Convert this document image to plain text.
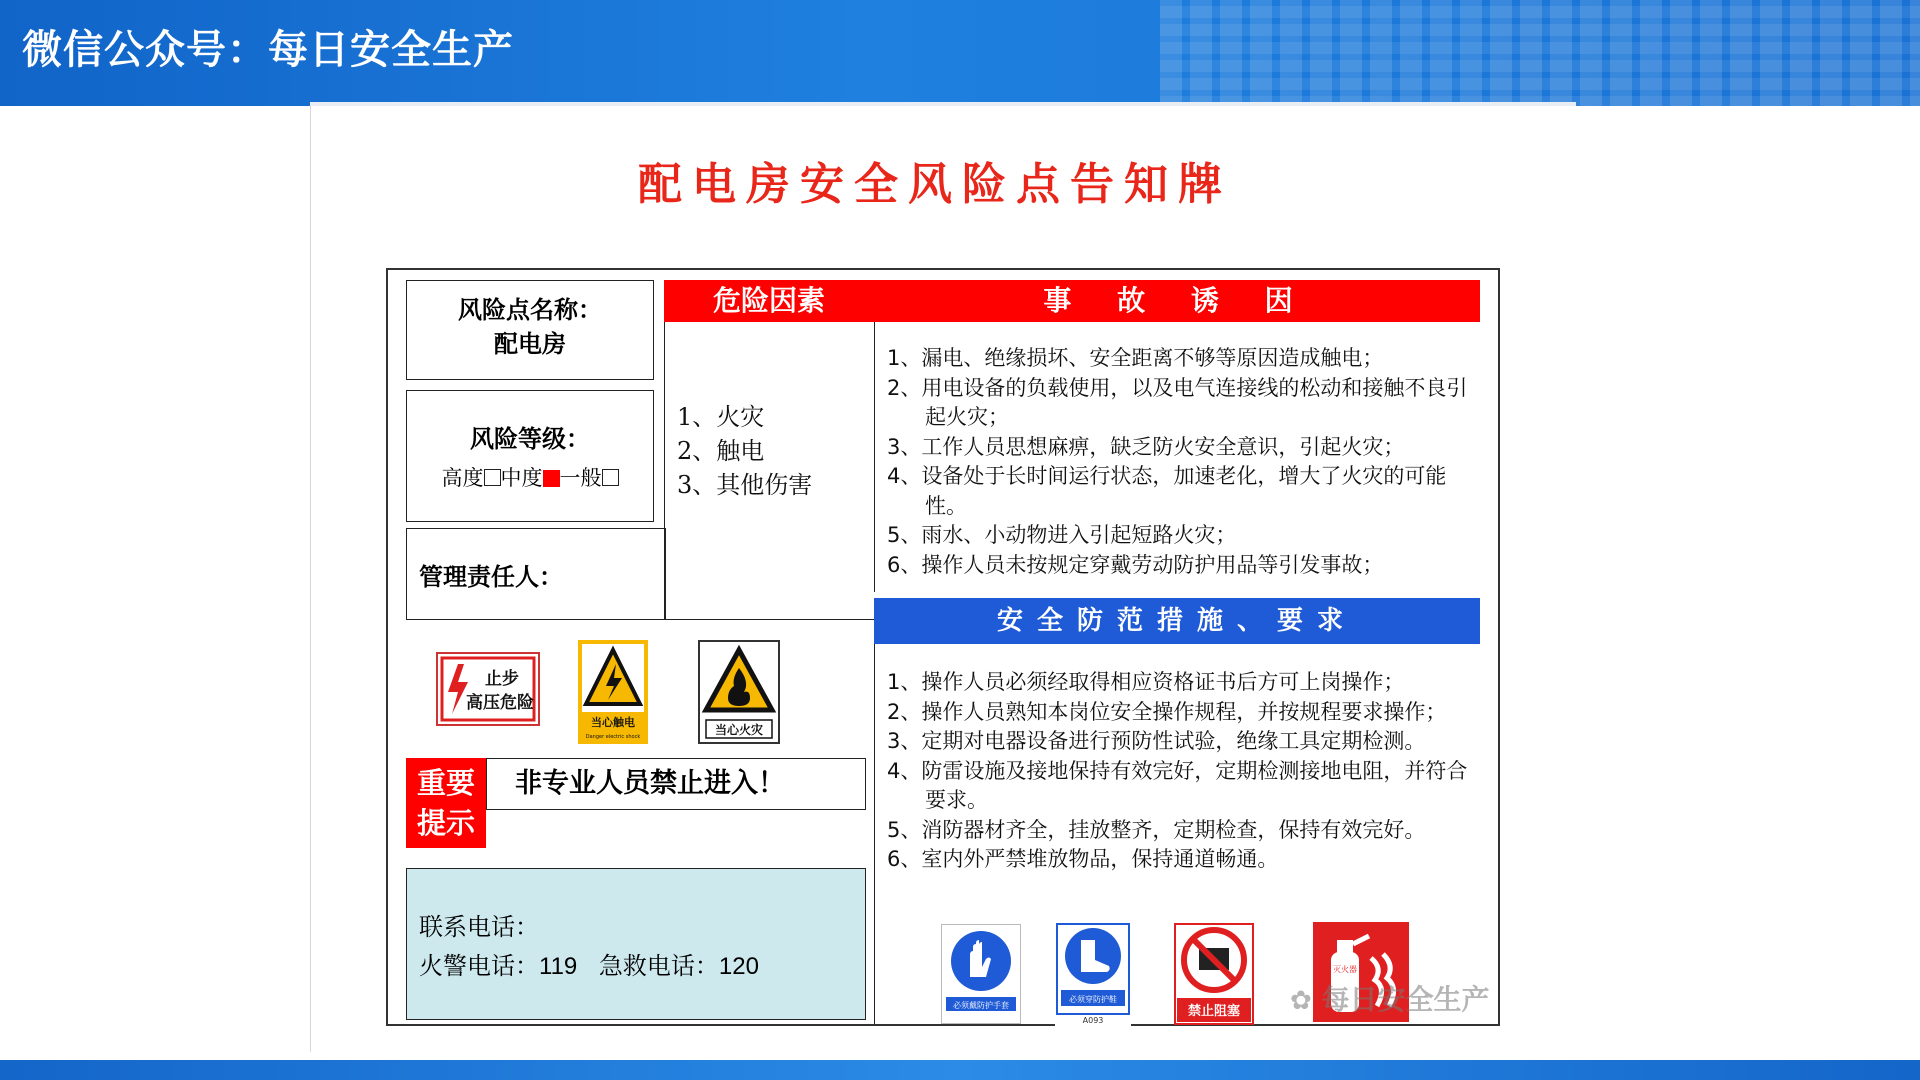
微信公众号：每日安全生产
配电房安全风险点告知牌
风险点名称：
配电房
风险等级：
高度 中度 一般
管理责任人：
危险因素
1、火灾
2、触电
3、其他伤害
事 故 诱 因
1、漏电、绝缘损坏、安全距离不够等原因造成触电；
2、用电设备的负载使用，以及电气连接线的松动和接触不良引起火灾；
3、工作人员思想麻痹，缺乏防火安全意识，引起火灾；
4、设备处于长时间运行状态，加速老化，增大了火灾的可能性。
5、雨水、小动物进入引起短路火灾；
6、操作人员未按规定穿戴劳动防护用品等引发事故；
安全防范措施、要求
1、操作人员必须经取得相应资格证书后方可上岗操作；
2、操作人员熟知本岗位安全操作规程，并按规程要求操作；
3、定期对电器设备进行预防性试验，绝缘工具定期检测。
4、防雷设施及接地保持有效完好，定期检测接地电阻，并符合要求。
5、消防器材齐全，挂放整齐，定期检查，保持有效完好。
6、室内外严禁堆放物品，保持通道畅通。
必须戴防护手套
必须穿防护鞋
A093
禁止阻塞
灭火器
止步
高压危险
当心触电
Danger electric shock	当心火灾
重要
提示
非专业人员禁止进入！
联系电话：
火警电话：119 急救电话：120
✿ 每日安全生产
